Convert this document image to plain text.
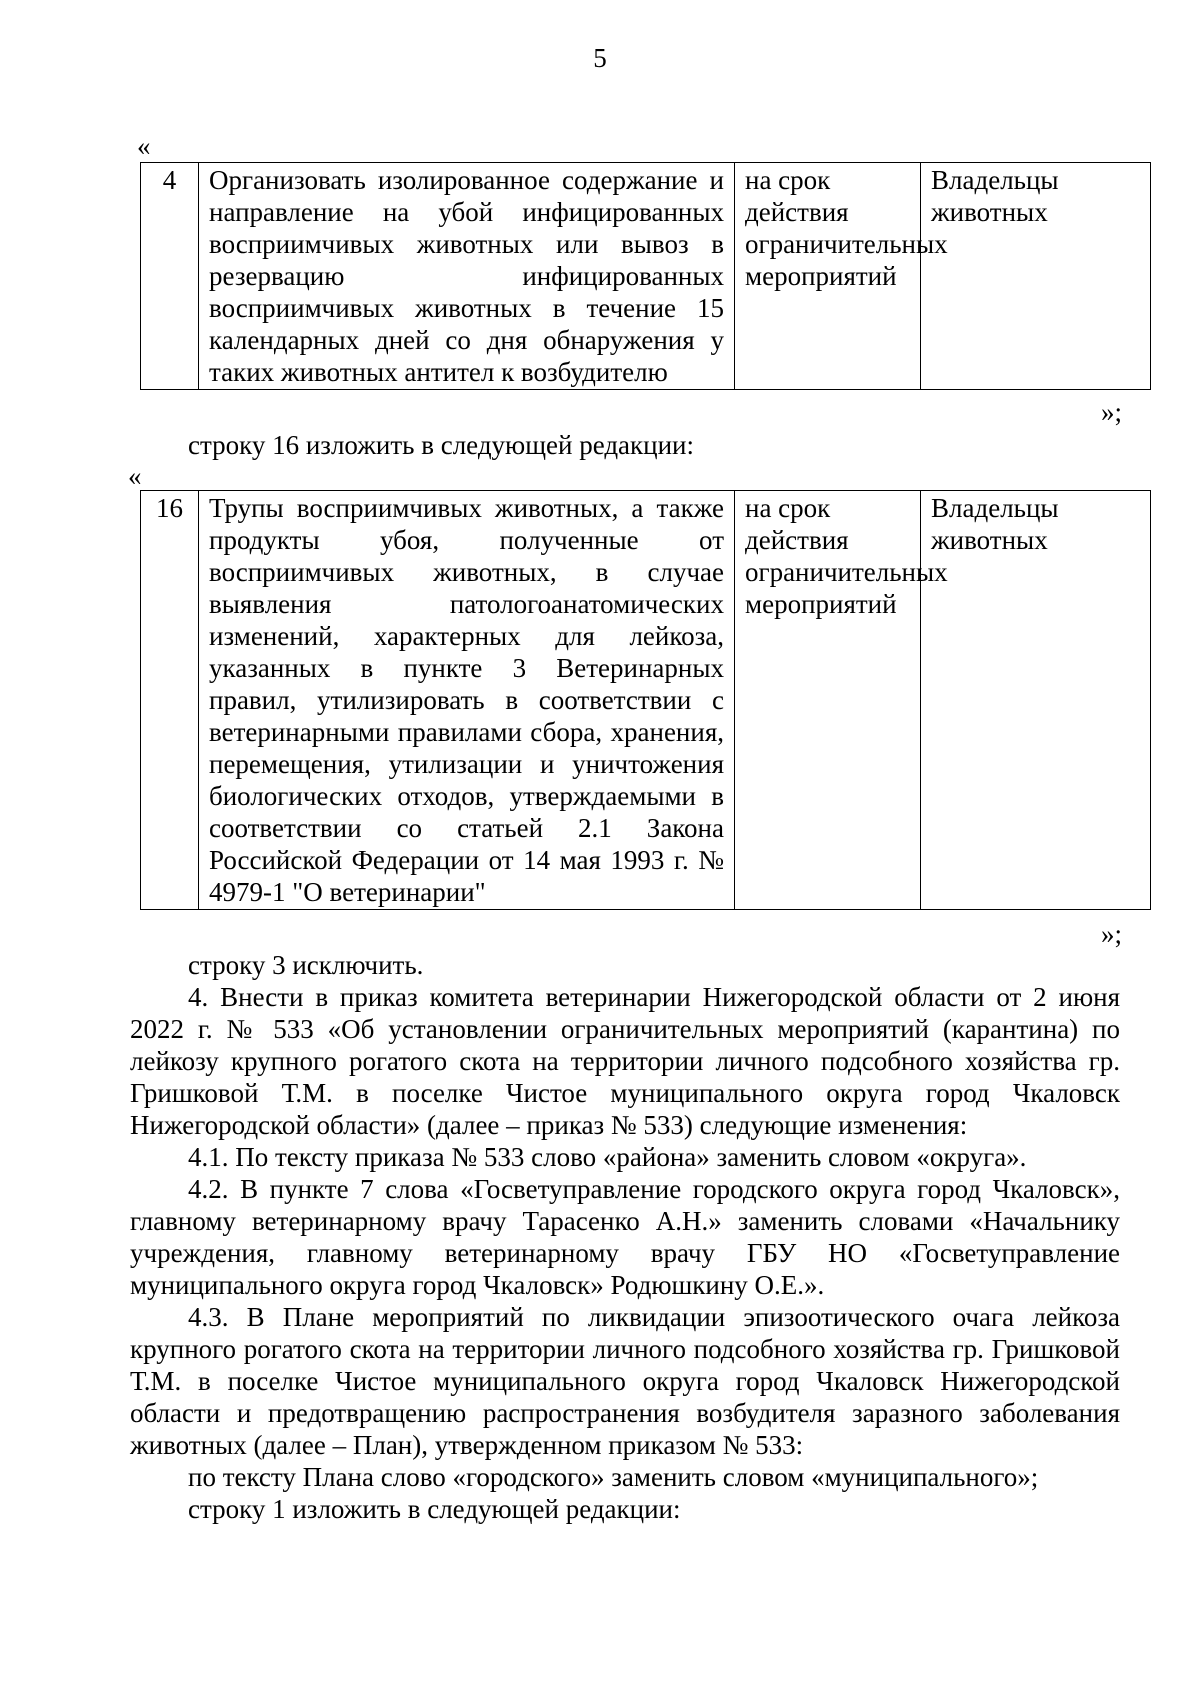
5
«
4	Организовать изолированное содержание и направление на убой инфицированных восприимчивых животных или вывоз в резервацию инфицированных восприимчивых животных в течение 15 календарных дней со дня обнаружения у таких животных антител к возбудителю	на срок действия ограничительных мероприятий	Владельцы животных
»;
строку 16 изложить в следующей редакции:
«
16	Трупы восприимчивых животных, а также продукты убоя, полученные от восприимчивых животных, в случае выявления патологоанатомических изменений, характерных для лейкоза, указанных в пункте 3 Ветеринарных правил, утилизировать в соответствии с ветеринарными правилами сбора, хранения, перемещения, утилизации и уничтожения биологических отходов, утверждаемыми в соответствии со статьей 2.1 Закона Российской Федерации от 14 мая 1993 г. № 4979-1 "О ветеринарии"	на срок действия ограничительных мероприятий	Владельцы животных
»;

строку 3 исключить.

4. Внести в приказ комитета ветеринарии Нижегородской области от 2 июня 2022 г. № 533 «Об установлении ограничительных мероприятий (карантина) по лейкозу крупного рогатого скота на территории личного подсобного хозяйства гр. Гришковой Т.М. в поселке Чистое муниципального округа город Чкаловск Нижегородской области» (далее – приказ № 533) следующие изменения:

4.1. По тексту приказа № 533 слово «района» заменить словом «округа».

4.2. В пункте 7 слова «Госветуправление городского округа город Чкаловск», главному ветеринарному врачу Тарасенко А.Н.» заменить словами «Начальнику учреждения, главному ветеринарному врачу ГБУ НО «Госветуправление муниципального округа город Чкаловск» Родюшкину О.Е.».

4.3. В Плане мероприятий по ликвидации эпизоотического очага лейкоза крупного рогатого скота на территории личного подсобного хозяйства гр. Гришковой Т.М. в поселке Чистое муниципального округа город Чкаловск Нижегородской области и предотвращению распространения возбудителя заразного заболевания животных (далее – План), утвержденном приказом № 533:

по тексту Плана слово «городского» заменить словом «муниципального»;

строку 1 изложить в следующей редакции:
